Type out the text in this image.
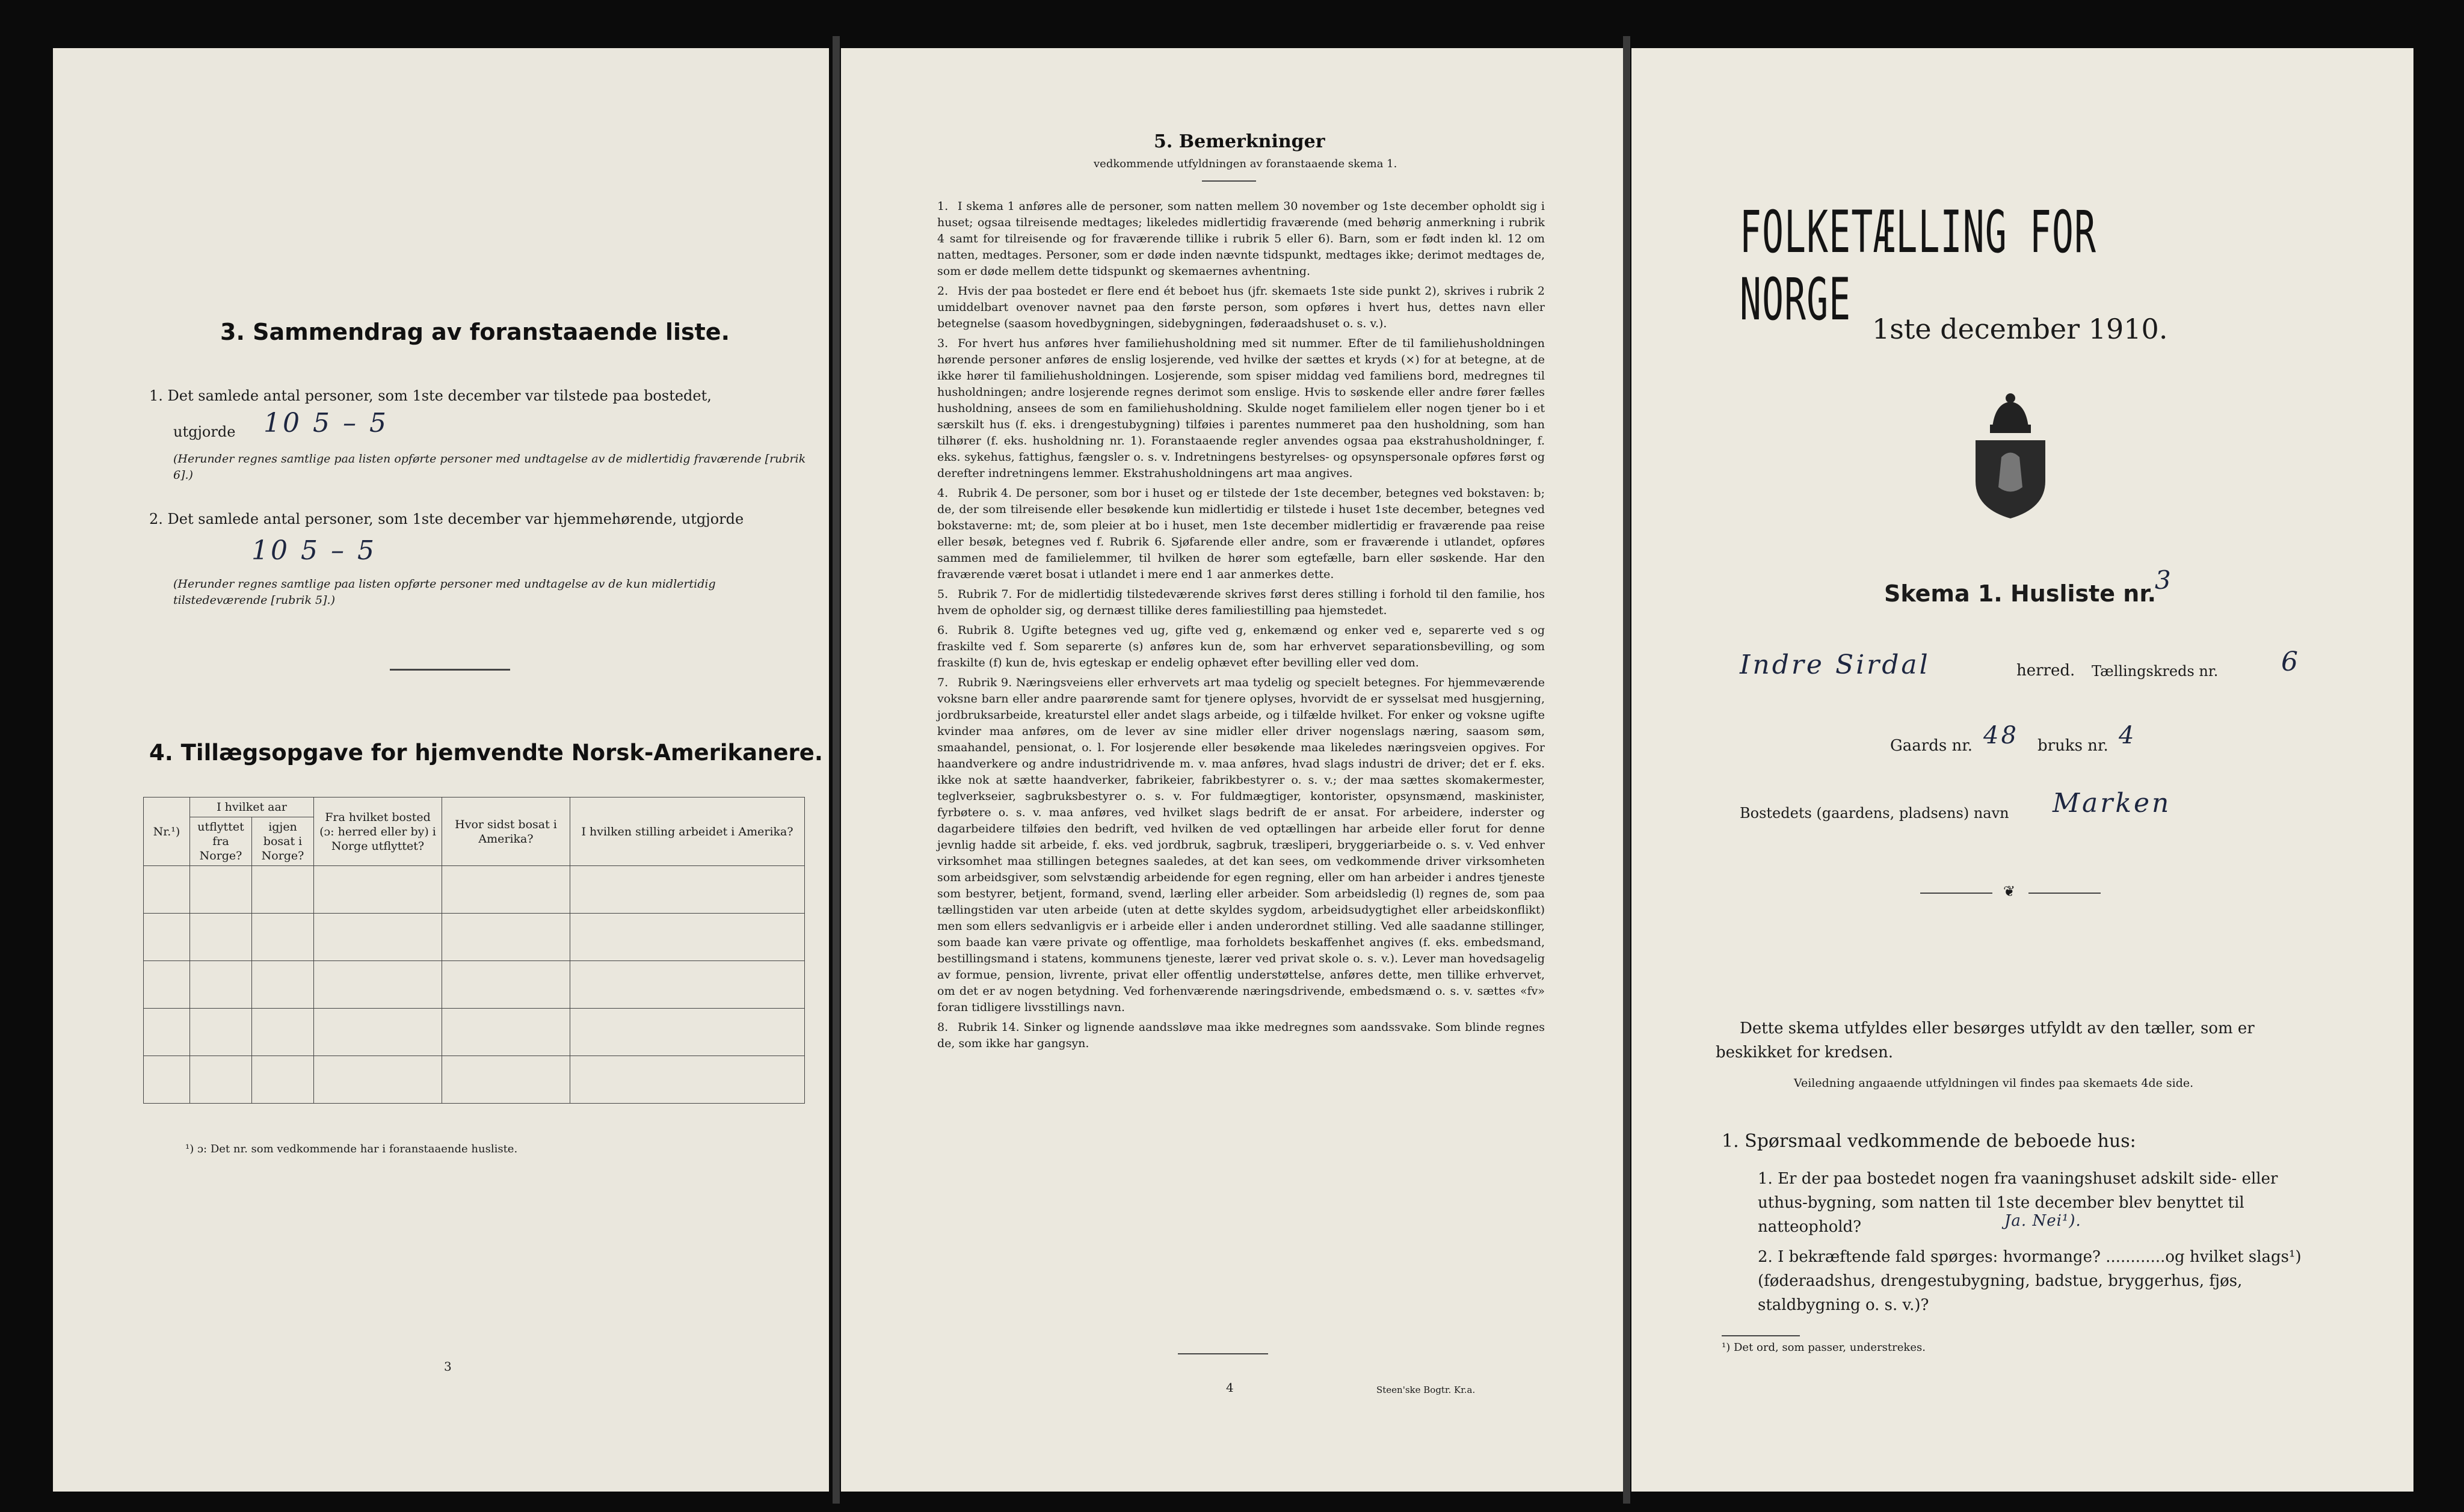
3. Sammendrag av foranstaaende liste.
1. Det samlede antal personer, som 1ste december var tilstede paa bostedet,
utgjorde 10 5 – 5
(Herunder regnes samtlige paa listen opførte personer med undtagelse av de midlertidig fraværende [rubrik 6].)
2. Det samlede antal personer, som 1ste december var hjemmehørende, utgjorde
10 5 – 5
(Herunder regnes samtlige paa listen opførte personer med undtagelse av de kun midlertidig tilstedeværende [rubrik 5].)
4. Tillægsopgave for hjemvendte Norsk-Amerikanere.
Nr.¹)	I hvilket aar		Fra hvilket bosted (ɔ: herred eller by) i Norge utflyttet?	Hvor sidst bosat i Amerika?	I hvilken stilling arbeidet i Amerika?
	utflyttet fra Norge?	igjen bosat i Norge?			

¹) ɔ: Det nr. som vedkommende har i foranstaaende husliste.
3
5. Bemerkninger
vedkommende utfyldningen av foranstaaende skema 1.

1. I skema 1 anføres alle de personer, som natten mellem 30 november og 1ste december opholdt sig i huset; ogsaa tilreisende medtages; likeledes midlertidig fraværende (med behørig anmerkning i rubrik 4 samt for tilreisende og for fraværende tillike i rubrik 5 eller 6). Barn, som er født inden kl. 12 om natten, medtages. Personer, som er døde inden nævnte tidspunkt, medtages ikke; derimot medtages de, som er døde mellem dette tidspunkt og skemaernes avhentning.

2. Hvis der paa bostedet er flere end ét beboet hus (jfr. skemaets 1ste side punkt 2), skrives i rubrik 2 umiddelbart ovenover navnet paa den første person, som opføres i hvert hus, dettes navn eller betegnelse (saasom hovedbygningen, sidebygningen, føderaadshuset o. s. v.).

3. For hvert hus anføres hver familiehusholdning med sit nummer. Efter de til familiehusholdningen hørende personer anføres de enslig losjerende, ved hvilke der sættes et kryds (×) for at betegne, at de ikke hører til familiehusholdningen. Losjerende, som spiser middag ved familiens bord, medregnes til husholdningen; andre losjerende regnes derimot som enslige. Hvis to søskende eller andre fører fælles husholdning, ansees de som en familiehusholdning. Skulde noget familielem eller nogen tjener bo i et særskilt hus (f. eks. i drengestubygning) tilføies i parentes nummeret paa den husholdning, som han tilhører (f. eks. husholdning nr. 1). Foranstaaende regler anvendes ogsaa paa ekstrahusholdninger, f. eks. sykehus, fattighus, fængsler o. s. v. Indretningens bestyrelses- og opsynspersonale opføres først og derefter indretningens lemmer. Ekstrahusholdningens art maa angives.

4. Rubrik 4. De personer, som bor i huset og er tilstede der 1ste december, betegnes ved bokstaven: b; de, der som tilreisende eller besøkende kun midlertidig er tilstede i huset 1ste december, betegnes ved bokstaverne: mt; de, som pleier at bo i huset, men 1ste december midlertidig er fraværende paa reise eller besøk, betegnes ved f. Rubrik 6. Sjøfarende eller andre, som er fraværende i utlandet, opføres sammen med de familielemmer, til hvilken de hører som egtefælle, barn eller søskende. Har den fraværende været bosat i utlandet i mere end 1 aar anmerkes dette.

5. Rubrik 7. For de midlertidig tilstedeværende skrives først deres stilling i forhold til den familie, hos hvem de opholder sig, og dernæst tillike deres familiestilling paa hjemstedet.

6. Rubrik 8. Ugifte betegnes ved ug, gifte ved g, enkemænd og enker ved e, separerte ved s og fraskilte ved f. Som separerte (s) anføres kun de, som har erhvervet separationsbevilling, og som fraskilte (f) kun de, hvis egteskap er endelig ophævet efter bevilling eller ved dom.

7. Rubrik 9. Næringsveiens eller erhvervets art maa tydelig og specielt betegnes. For hjemmeværende voksne barn eller andre paarørende samt for tjenere oplyses, hvorvidt de er sysselsat med husgjerning, jordbruksarbeide, kreaturstel eller andet slags arbeide, og i tilfælde hvilket. For enker og voksne ugifte kvinder maa anføres, om de lever av sine midler eller driver nogenslags næring, saasom søm, smaahandel, pensionat, o. l. For losjerende eller besøkende maa likeledes næringsveien opgives. For haandverkere og andre industridrivende m. v. maa anføres, hvad slags industri de driver; det er f. eks. ikke nok at sætte haandverker, fabrikeier, fabrikbestyrer o. s. v.; der maa sættes skomakermester, teglverkseier, sagbruksbestyrer o. s. v. For fuldmægtiger, kontorister, opsynsmænd, maskinister, fyrbøtere o. s. v. maa anføres, ved hvilket slags bedrift de er ansat. For arbeidere, inderster og dagarbeidere tilføies den bedrift, ved hvilken de ved optællingen har arbeide eller forut for denne jevnlig hadde sit arbeide, f. eks. ved jordbruk, sagbruk, træsliperi, bryggeriarbeide o. s. v. Ved enhver virksomhet maa stillingen betegnes saaledes, at det kan sees, om vedkommende driver virksomheten som arbeidsgiver, som selvstændig arbeidende for egen regning, eller om han arbeider i andres tjeneste som bestyrer, betjent, formand, svend, lærling eller arbeider. Som arbeidsledig (l) regnes de, som paa tællingstiden var uten arbeide (uten at dette skyldes sygdom, arbeidsudygtighet eller arbeidskonflikt) men som ellers sedvanligvis er i arbeide eller i anden underordnet stilling. Ved alle saadanne stillinger, som baade kan være private og offentlige, maa forholdets beskaffenhet angives (f. eks. embedsmand, bestillingsmand i statens, kommunens tjeneste, lærer ved privat skole o. s. v.). Lever man hovedsagelig av formue, pension, livrente, privat eller offentlig understøttelse, anføres dette, men tillike erhvervet, om det er av nogen betydning. Ved forhenværende næringsdrivende, embedsmænd o. s. v. sættes «fv» foran tidligere livsstillings navn.

8. Rubrik 14. Sinker og lignende aandssløve maa ikke medregnes som aandssvake. Som blinde regnes de, som ikke har gangsyn.

4	Steen'ske Bogtr. Kr.a.
FOLKETÆLLING FOR NORGE 1ste december 1910.
Skema 1. Husliste nr.
3
Indre Sirdal	herred. Tællingskreds nr. 6
Gaards nr. 48 bruks nr. 4
Bostedets (gaardens, pladsens) navn Marken
❦
Dette skema utfyldes eller besørges utfyldt av den tæller, som er beskikket for kredsen.
Veiledning angaaende utfyldningen vil findes paa skemaets 4de side.
1. Spørsmaal vedkommende de beboede hus:
1. Er der paa bostedet nogen fra vaaningshuset adskilt side- eller uthus-bygning, som natten til 1ste december blev benyttet til natteophold?	Ja. Nei¹).
2. I bekræftende fald spørges: hvormange? ............og hvilket slags¹) (føderaadshus, drengestubygning, badstue, bryggerhus, fjøs, staldbygning o. s. v.)?
¹) Det ord, som passer, understrekes.
